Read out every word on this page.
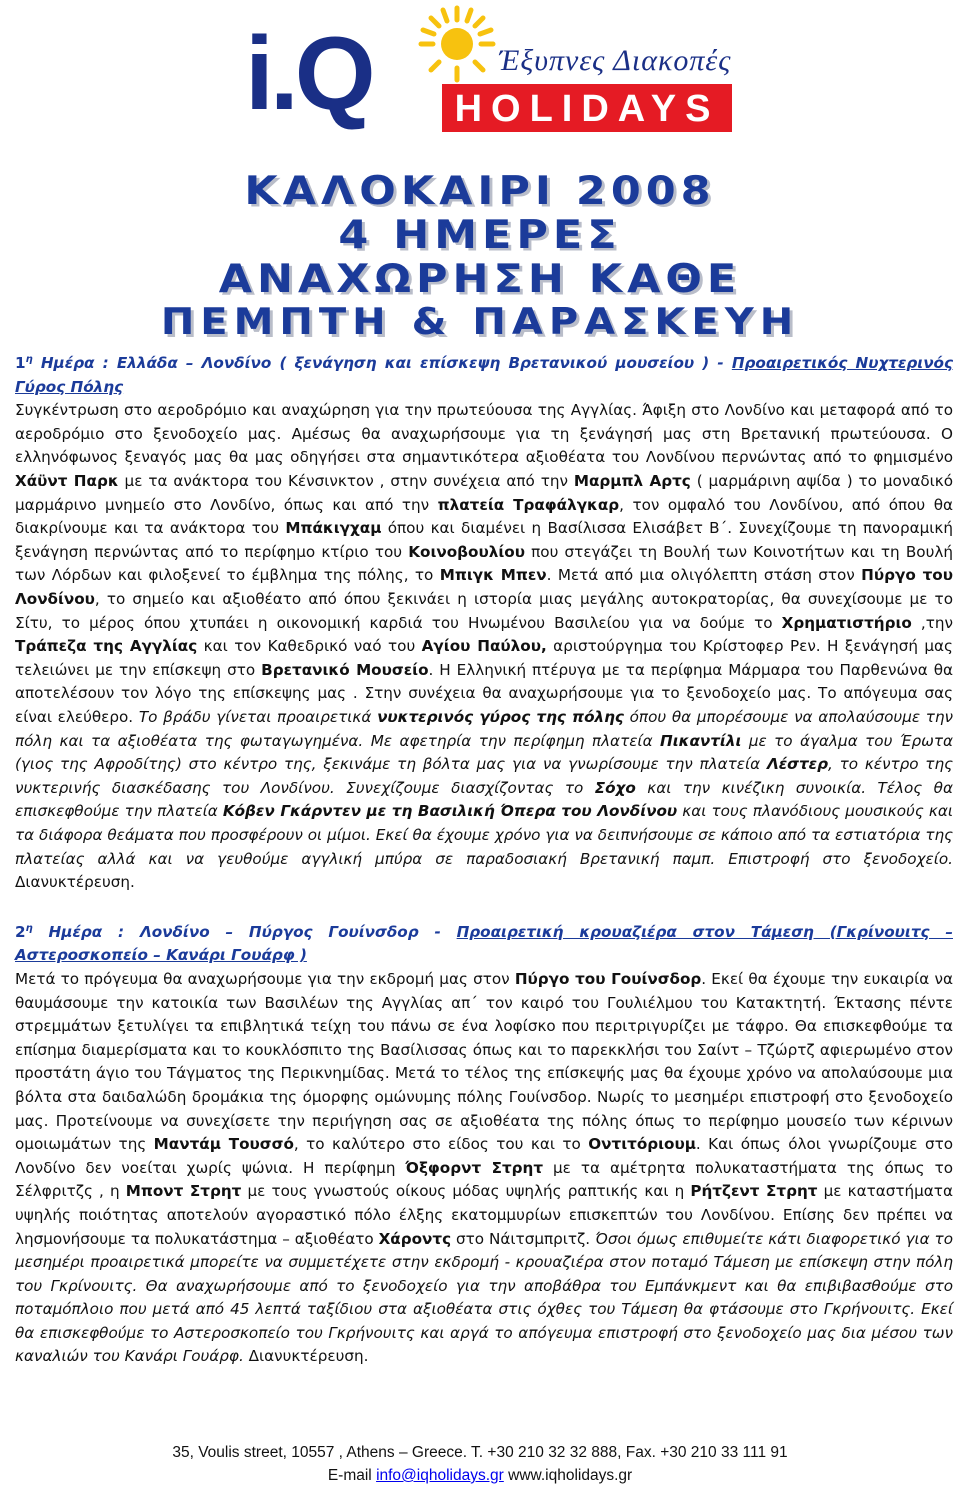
i.Q	Έξυπνες Διακοπές
HOLIDAYS
ΚΑΛΟΚΑΙΡΙ 2008
4 ΗΜΕΡΕΣ
ΑΝΑΧΩΡΗΣΗ ΚΑΘΕ
ΠΕΜΠΤΗ & ΠΑΡΑΣΚΕΥΗ

$1^\eta$ Ημέρα : Ελλάδα – Λονδίνο ( ξενάγηση και επίσκεψη Βρετανικού μουσείου ) - Προαιρετικός Νυχτερινός Γύρος Πόλης

Συγκέντρωση στο αεροδρόμιο και αναχώρηση για την πρωτεύουσα της Αγγλίας. Άφιξη στο Λονδίνο και μεταφορά από το αεροδρόμιο στο ξενοδοχείο μας. Αμέσως θα αναχωρήσουμε για τη ξενάγησή μας στη Βρετανική πρωτεύουσα. Ο ελληνόφωνος ξεναγός μας θα μας οδηγήσει στα σημαντικότερα αξιοθέατα του Λονδίνου περνώντας από το φημισμένο Χάϋντ Παρκ με τα ανάκτορα του Κένσινκτον , στην συνέχεια από την Μαρμπλ Αρτς ( μαρμάρινη αψίδα ) το μοναδικό μαρμάρινο μνημείο στο Λονδίνο, όπως και από την πλατεία Τραφάλγκαρ, τον ομφαλό του Λονδίνου, από όπου θα διακρίνουμε και τα ανάκτορα του Μπάκιγχαμ όπου και διαμένει η Βασίλισσα Ελισάβετ Β΄. Συνεχίζουμε τη πανοραμική ξενάγηση περνώντας από το περίφημο κτίριο του Κοινοβουλίου που στεγάζει τη Βουλή των Κοινοτήτων και τη Βουλή των Λόρδων και φιλοξενεί το έμβλημα της πόλης, το Μπιγκ Μπεν. Μετά από μια ολιγόλεπτη στάση στον Πύργο του Λονδίνου, το σημείο και αξιοθέατο από όπου ξεκινάει η ιστορία μιας μεγάλης αυτοκρατορίας, θα συνεχίσουμε με το Σίτυ, το μέρος όπου χτυπάει η οικονομική καρδιά του Ηνωμένου Βασιλείου για να δούμε το Χρηματιστήριο ,την Τράπεζα της Αγγλίας και τον Καθεδρικό ναό του Αγίου Παύλου, αριστούργημα του Κρίστοφερ Ρεν. Η ξενάγησή μας τελειώνει με την επίσκεψη στο Βρετανικό Μουσείο. Η Ελληνική πτέρυγα με τα περίφημα Μάρμαρα του Παρθενώνα θα αποτελέσουν τον λόγο της επίσκεψης μας . Στην συνέχεια θα αναχωρήσουμε για το ξενοδοχείο μας. Το απόγευμα σας είναι ελεύθερο. Το βράδυ γίνεται προαιρετικά νυκτερινός γύρος της πόλης όπου θα μπορέσουμε να απολαύσουμε την πόλη και τα αξιοθέατα της φωταγωγημένα. Με αφετηρία την περίφημη πλατεία Πικαντίλι με το άγαλμα του Έρωτα (γιος της Αφροδίτης) στο κέντρο της, ξεκινάμε τη βόλτα μας για να γνωρίσουμε την πλατεία Λέστερ, το κέντρο της νυκτερινής διασκέδασης του Λονδίνου. Συνεχίζουμε διασχίζοντας το Σόχο και την κινέζικη συνοικία. Τέλος θα επισκεφθούμε την πλατεία Κόβεν Γκάρντεν με τη Βασιλική Όπερα του Λονδίνου και τους πλανόδιους μουσικούς και τα διάφορα θεάματα που προσφέρουν οι μίμοι. Εκεί θα έχουμε χρόνο για να δειπνήσουμε σε κάποιο από τα εστιατόρια της πλατείας αλλά και να γευθούμε αγγλική μπύρα σε παραδοσιακή Βρετανική παμπ. Επιστροφή στο ξενοδοχείο. Διανυκτέρευση.

$2^\eta$ Ημέρα : Λονδίνο – Πύργος Γουίνσδορ - Προαιρετική κρουαζιέρα στον Τάμεση (Γκρίνουιτς – Αστεροσκοπείο – Κανάρι Γουάρφ )

Μετά το πρόγευμα θα αναχωρήσουμε για την εκδρομή μας στον Πύργο του Γουίνσδορ. Εκεί θα έχουμε την ευκαιρία να θαυμάσουμε την κατοικία των Βασιλέων της Αγγλίας απ΄ τον καιρό του Γουλιέλμου του Κατακτητή. Έκτασης πέντε στρεμμάτων ξετυλίγει τα επιβλητικά τείχη του πάνω σε ένα λοφίσκο που περιτριγυρίζει με τάφρο. Θα επισκεφθούμε τα επίσημα διαμερίσματα και το κουκλόσπιτο της Βασίλισσας όπως και το παρεκκλήσι του Σαίντ – Τζώρτζ αφιερωμένο στον προστάτη άγιο του Τάγματος της Περικνημίδας. Μετά το τέλος της επίσκεψής μας θα έχουμε χρόνο να απολαύσουμε μια βόλτα στα δαιδαλώδη δρομάκια της όμορφης ομώνυμης πόλης Γουίνσδορ. Νωρίς το μεσημέρι επιστροφή στο ξενοδοχείο μας. Προτείνουμε να συνεχίσετε την περιήγηση σας σε αξιοθέατα της πόλης όπως το περίφημο μουσείο των κέρινων ομοιωμάτων της Μαντάμ Τουσσό, το καλύτερο στο είδος του και το Οντιτόριουμ. Και όπως όλοι γνωρίζουμε στο Λονδίνο δεν νοείται χωρίς ψώνια. Η περίφημη Όξφορντ Στρητ με τα αμέτρητα πολυκαταστήματα της όπως το Σέλφριτζς , η Μποντ Στρητ με τους γνωστούς οίκους μόδας υψηλής ραπτικής και η Ρήτζεντ Στρητ με καταστήματα υψηλής ποιότητας αποτελούν αγοραστικό πόλο έλξης εκατομμυρίων επισκεπτών του Λονδίνου. Επίσης δεν πρέπει να λησμονήσουμε τα πολυκατάστημα – αξιοθέατο Χάροντς στο Νάιτσμπριτζ. Όσοι όμως επιθυμείτε κάτι διαφορετικό για το μεσημέρι προαιρετικά μπορείτε να συμμετέχετε στην εκδρομή - κρουαζιέρα στον ποταμό Τάμεση με επίσκεψη στην πόλη του Γκρίνουιτς. Θα αναχωρήσουμε από το ξενοδοχείο για την αποβάθρα του Εμπάνκμεντ και θα επιβιβασθούμε στο ποταμόπλοιο που μετά από 45 λεπτά ταξίδιου στα αξιοθέατα στις όχθες του Τάμεση θα φτάσουμε στο Γκρήνουιτς. Εκεί θα επισκεφθούμε το Αστεροσκοπείο του Γκρήνουιτς και αργά το απόγευμα επιστροφή στο ξενοδοχείο μας δια μέσου των καναλιών του Κανάρι Γουάρφ. Διανυκτέρευση.

35, Voulis street, 10557 , Athens – Greece. T. +30 210 32 32 888, Fax. +30 210 33 111 91
E-mail info@iqholidays.gr www.iqholidays.gr
